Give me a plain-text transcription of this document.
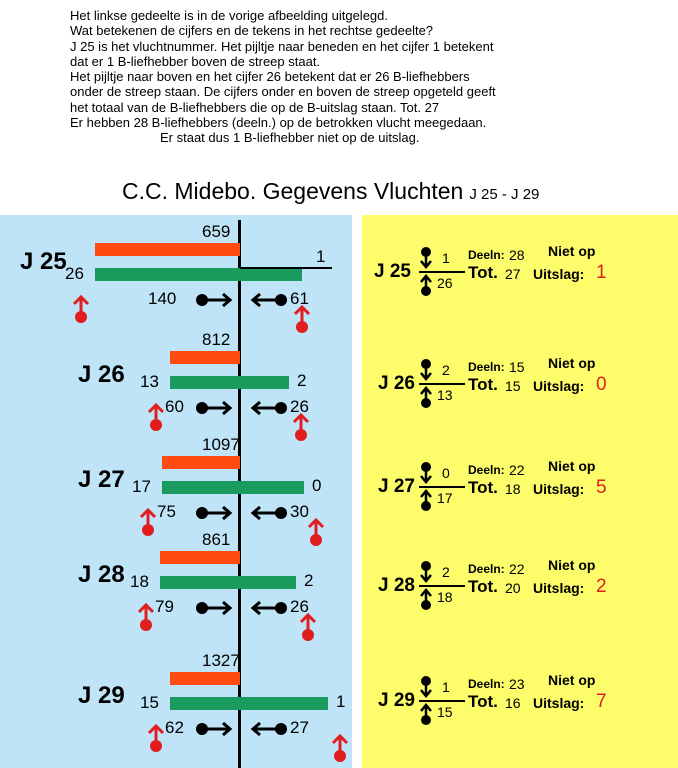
Het linkse gedeelte is in de vorige afbeelding uitgelegd.
Wat betekenen de cijfers en de tekens in het rechtse gedeelte?
J 25 is het vluchtnummer. Het pijltje naar beneden en het cijfer 1 betekent
dat er 1 B-liefhebber boven de streep staat.
Het pijltje naar boven en het cijfer 26 betekent dat er 26 B-liefhebbers
onder de streep staan. De cijfers onder en boven de streep opgeteld geeft
het totaal van de B-liefhebbers die op de B-uitslag staan. Tot. 27
Er hebben 28 B-liefhebbers (deeln.) op de betrokken vlucht meegedaan.
Er staat dus 1 B-liefhebber niet op de uitslag.
C.C. Midebo. Gegevens Vluchten J 25 - J 29
659
J 25
26
1
140	61
812
J 26 13	2
60	26
1097
J 27 17	0
75	30
861
J 28 18	2
79	26
1327
J 29 15	1
62	27
J 25
1
26
Deeln: 28
Tot. 27
Niet op
Uitslag: 1
J 26
2
13
Deeln: 15
Tot. 15
Niet op
Uitslag: 0
J 27
0
17
Deeln: 22
Tot. 18
Niet op
Uitslag: 5
J 28
2
18
Deeln: 22
Tot. 20
Niet op
Uitslag: 2
J 29
1
15
Deeln: 23
Tot. 16
Niet op
Uitslag: 7
